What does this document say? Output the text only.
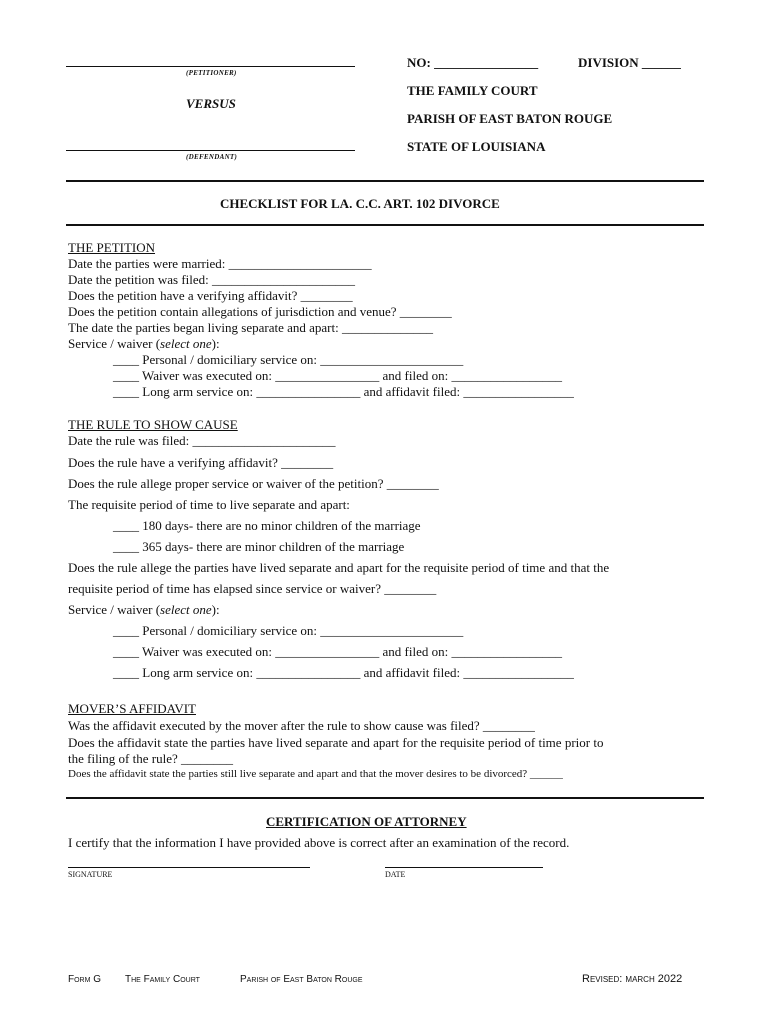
(PETITIONER)
VERSUS
(DEFENDANT)
NO: ________________	DIVISION ______
THE FAMILY COURT
PARISH OF EAST BATON ROUGE
STATE OF LOUISIANA
CHECKLIST FOR LA. C.C. ART. 102 DIVORCE
THE PETITION
Date the parties were married: ______________________
Date the petition was filed: ______________________
Does the petition have a verifying affidavit? ________
Does the petition contain allegations of jurisdiction and venue? ________
The date the parties began living separate and apart: ______________
Service / waiver (select one):
____ Personal / domiciliary service on: ______________________
____ Waiver was executed on: ________________ and filed on: _________________
____ Long arm service on: ________________ and affidavit filed: _________________
THE RULE TO SHOW CAUSE
Date the rule was filed: ______________________
Does the rule have a verifying affidavit? ________
Does the rule allege proper service or waiver of the petition? ________
The requisite period of time to live separate and apart:
____ 180 days- there are no minor children of the marriage
____ 365 days- there are minor children of the marriage
Does the rule allege the parties have lived separate and apart for the requisite period of time and that the
requisite period of time has elapsed since service or waiver? ________
Service / waiver (select one):
____ Personal / domiciliary service on: ______________________
____ Waiver was executed on: ________________ and filed on: _________________
____ Long arm service on: ________________ and affidavit filed: _________________
MOVER’S AFFIDAVIT
Was the affidavit executed by the mover after the rule to show cause was filed? ________
Does the affidavit state the parties have lived separate and apart for the requisite period of time prior to
the filing of the rule? ________
Does the affidavit state the parties still live separate and apart and that the mover desires to be divorced? ______
CERTIFICATION OF ATTORNEY
I certify that the information I have provided above is correct after an examination of the record.
SIGNATURE	DATE
Form G The Family Court	Parish of East Baton Rouge	Revised: march 2022
